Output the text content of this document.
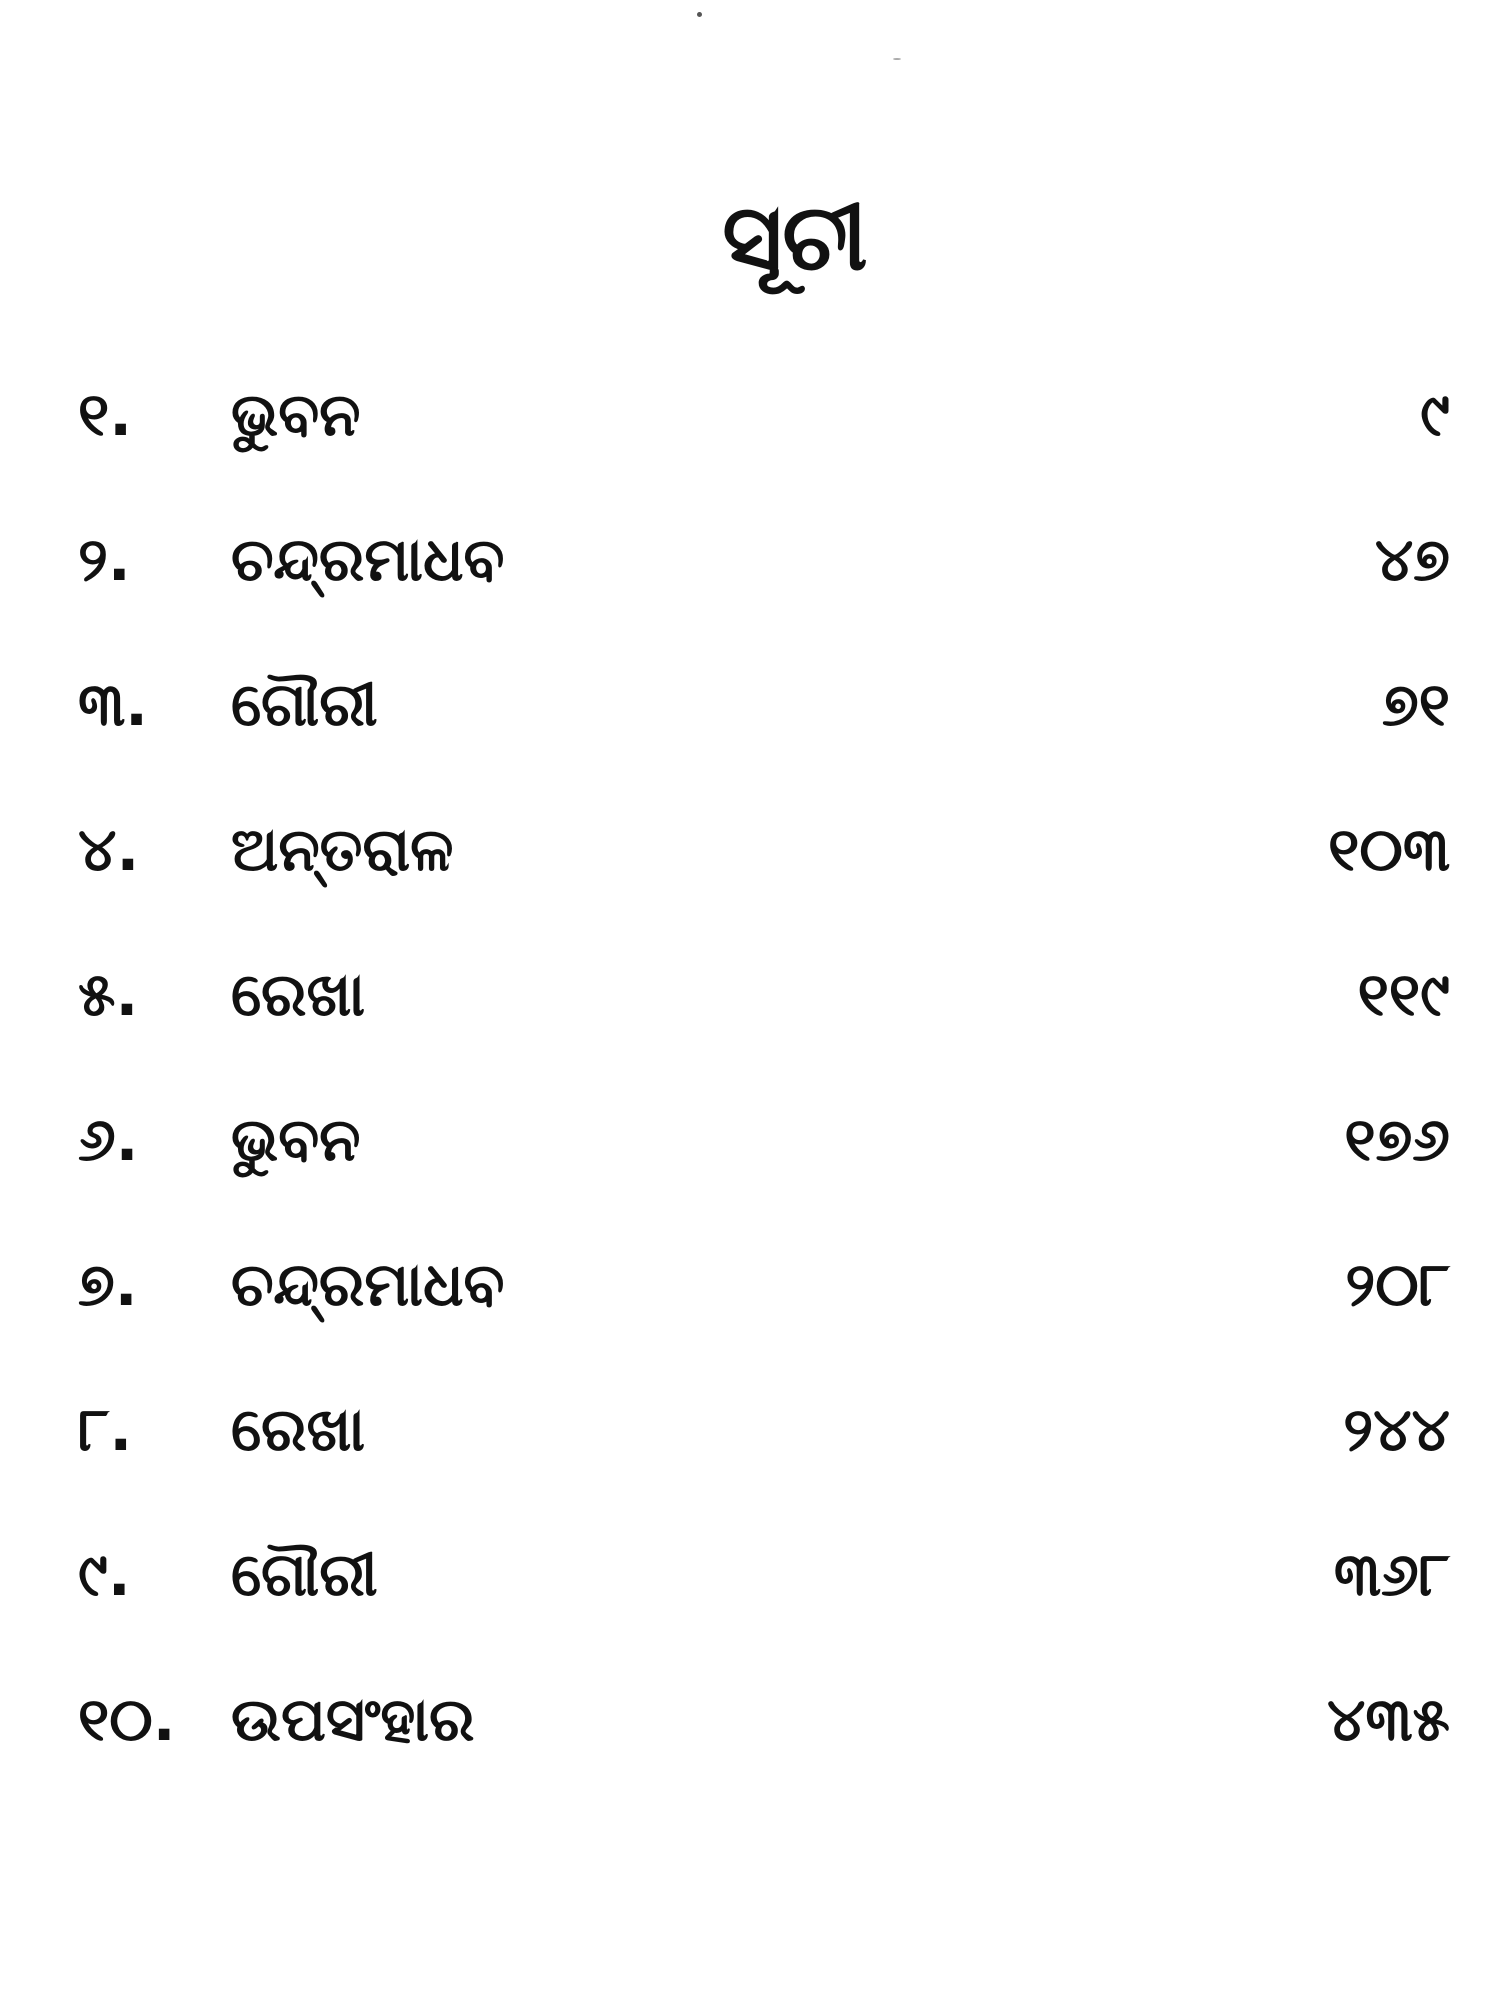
ସୂଚୀ
୧. ଭୁବନ	୯
୨. ଚନ୍ଦ୍ରମାଧବ	୪୭
୩. ଗୌରୀ	୭୧
୪. ଅନ୍ତରାଳ	୧୦୩
୫. ରେଖା	୧୧୯
୬. ଭୁବନ	୧୭୬
୭. ଚନ୍ଦ୍ରମାଧବ	୨୦୮
୮. ରେଖା	୨୪୪
୯. ଗୌରୀ	୩୬୮
୧୦. ଉପସଂହାର	୪୩୫
